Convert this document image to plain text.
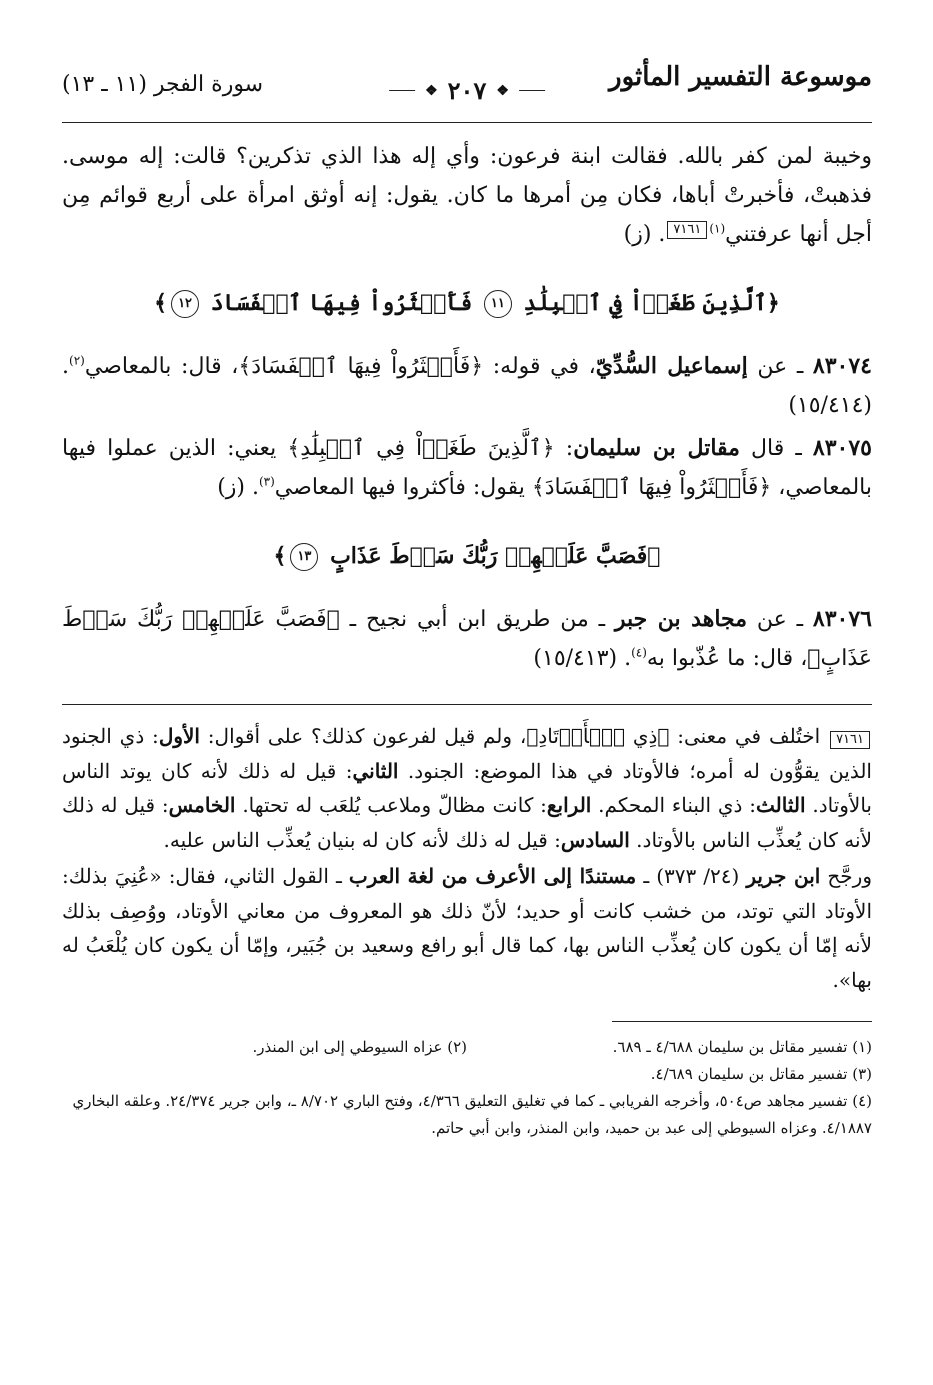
موسوعة التفسير المأثور
❖ ٢٠٧ ❖
سورة الفجر (١١ ـ ١٣)

وخيبة لمن كفر بالله. فقالت ابنة فرعون: وأي إله هذا الذي تذكرين؟ قالت: إله موسى. فذهبتْ، فأخبرتْ أباها، فكان مِن أمرها ما كان. يقول: إنه أوثق امرأة على أربع قوائم مِن أجل أنها عرفتني$^{(١)}$٧١٦١. (ز)

﴿ٱلَّذِينَ طَغَوۡاْ فِي ٱلۡبِلَٰدِ ١١ فَأَكۡثَرُواْ فِيهَا ٱلۡفَسَادَ ١٢﴾

٨٣٠٧٤ ـ عن إسماعيل السُّدِّيّ، في قوله: ﴿فَأَكۡثَرُواْ فِيهَا ٱلۡفَسَادَ﴾، قال: بالمعاصي$^{(٢)}$. (١٥/٤١٤)

٨٣٠٧٥ ـ قال مقاتل بن سليمان: ﴿ٱلَّذِينَ طَغَوۡاْ فِي ٱلۡبِلَٰدِ﴾ يعني: الذين عملوا فيها بالمعاصي، ﴿فَأَكۡثَرُواْ فِيهَا ٱلۡفَسَادَ﴾ يقول: فأكثروا فيها المعاصي$^{(٣)}$. (ز)

﴿فَصَبَّ عَلَيۡهِمۡ رَبُّكَ سَوۡطَ عَذَابٍ ١٣﴾

٨٣٠٧٦ ـ عن مجاهد بن جبر ـ من طريق ابن أبي نجيح ـ ﴿فَصَبَّ عَلَيۡهِمۡ رَبُّكَ سَوۡطَ عَذَابٍ﴾، قال: ما عُذّبوا به$^{(٤)}$. (١٥/٤١٣)

٧١٦١ اختُلف في معنى: ﴿ذِي ٱلۡأَوۡتَادِ﴾، ولم قيل لفرعون كذلك؟ على أقوال: الأول: ذي الجنود الذين يقوُّون له أمره؛ فالأوتاد في هذا الموضع: الجنود. الثاني: قيل له ذلك لأنه كان يوتد الناس بالأوتاد. الثالث: ذي البناء المحكم. الرابع: كانت مظالّ وملاعب يُلعَب له تحتها. الخامس: قيل له ذلك لأنه كان يُعذِّب الناس بالأوتاد. السادس: قيل له ذلك لأنه كان له بنيان يُعذِّب الناس عليه.

ورجَّح ابن جرير (٢٤/ ٣٧٣) ـ مستندًا إلى الأعرف من لغة العرب ـ القول الثاني، فقال: «عُنِيَ بذلك: الأوتاد التي توتد، من خشب كانت أو حديد؛ لأنّ ذلك هو المعروف من معاني الأوتاد، ووُصِف بذلك لأنه إمّا أن يكون كان يُعذِّب الناس بها، كما قال أبو رافع وسعيد بن جُبَير، وإمّا أن يكون كان يُلْعَبُ له بها».

(١) تفسير مقاتل بن سليمان ٤/٦٨٨ ـ ٦٨٩.
(٢) عزاه السيوطي إلى ابن المنذر.
(٣) تفسير مقاتل بن سليمان ٤/٦٨٩.
(٤) تفسير مجاهد ص٥٠٤، وأخرجه الفريابي ـ كما في تغليق التعليق ٤/٣٦٦، وفتح الباري ٨/٧٠٢ ـ، وابن جرير ٢٤/٣٧٤. وعلقه البخاري ٤/١٨٨٧. وعزاه السيوطي إلى عبد بن حميد، وابن المنذر، وابن أبي حاتم.
